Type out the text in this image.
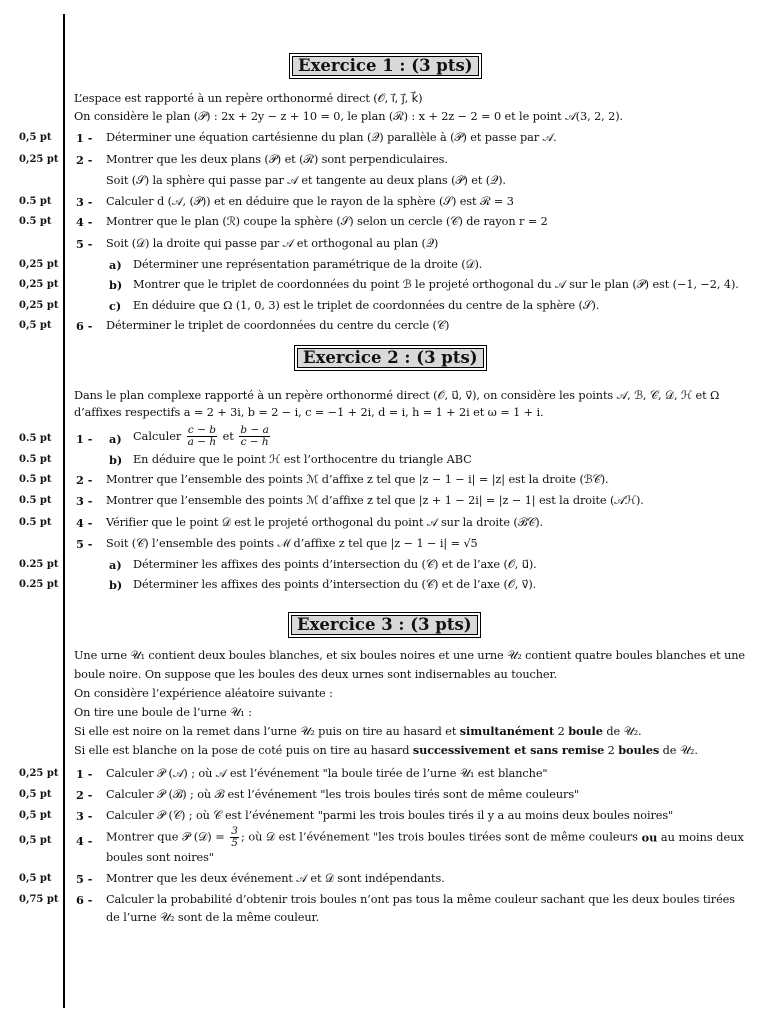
Exercice 1 : (3 pts)
L’espace est rapporté à un repère orthonormé direct (𝒪, i⃗, j⃗, k⃗)
On considère le plan (𝒫) : 2x + 2y − z + 10 = 0, le plan (ℛ) : x + 2z − 2 = 0 et le point 𝒜(3, 2, 2).
0,5 pt 1 - Déterminer une équation cartésienne du plan (𝒬) parallèle à (𝒫) et passe par 𝒜.
0,25 pt 2 - Montrer que les deux plans (𝒫) et (ℛ) sont perpendiculaires.
Soit (𝒮) la sphère qui passe par 𝒜 et tangente au deux plans (𝒫) et (𝒬).
0.5 pt 3 - Calculer d (𝒜, (𝒫)) et en déduire que le rayon de la sphère (𝒮) est ℛ = 3
0.5 pt 4 - Montrer que le plan (ℛ) coupe la sphère (𝒮) selon un cercle (𝒞) de rayon r = 2
5 - Soit (𝒟) la droite qui passe par 𝒜 et orthogonal au plan (𝒬)
0,25 pt	a) Déterminer une représentation paramétrique de la droite (𝒟).
0,25 pt	b) Montrer que le triplet de coordonnées du point ℬ le projeté orthogonal du 𝒜 sur le plan (𝒫) est (−1, −2, 4).
0,25 pt	c) En déduire que Ω (1, 0, 3) est le triplet de coordonnées du centre de la sphère (𝒮).
0,5 pt 6 - Déterminer le triplet de coordonnées du centre du cercle (𝒞)
Exercice 2 : (3 pts)
Dans le plan complexe rapporté à un repère orthonormé direct (𝒪, u⃗, v⃗), on considère les points 𝒜, ℬ, 𝒞, 𝒟, ℋ et Ω
d’affixes respectifs a = 2 + 3i, b = 2 − i, c = −1 + 2i, d = i, h = 1 + 2i et ω = 1 + i.
0.5 pt 1 - a) Calculer $\frac{c - b}{a - h}$ et $\frac{b - a}{c - h}$
0.5 pt	b) En déduire que le point ℋ est l’orthocentre du triangle ABC
0.5 pt 2 - Montrer que l’ensemble des points ℳ d’affixe z tel que |z − 1 − i| = |z| est la droite (ℬ𝒞).
0.5 pt 3 - Montrer que l’ensemble des points ℳ d’affixe z tel que |z + 1 − 2i| = |z − 1| est la droite (𝒜ℋ).
0.5 pt 4 - Vérifier que le point 𝒟 est le projeté orthogonal du point 𝒜 sur la droite (ℬ𝒞).
5 - Soit (𝒞) l’ensemble des points ℳ d’affixe z tel que |z − 1 − i| = √5
0.25 pt	a) Déterminer les affixes des points d’intersection du (𝒞) et de l’axe (𝒪, u⃗).
0.25 pt	b) Déterminer les affixes des points d’intersection du (𝒞) et de l’axe (𝒪, v⃗).
Exercice 3 : (3 pts)
Une urne 𝒰₁ contient deux boules blanches, et six boules noires et une urne 𝒰₂ contient quatre boules blanches et une
boule noire. On suppose que les boules des deux urnes sont indisernables au toucher.
On considère l’expérience aléatoire suivante :
On tire une boule de l’urne 𝒰₁ :
Si elle est noire on la remet dans l’urne 𝒰₂ puis on tire au hasard et simultanément 2 boule de 𝒰₂.
Si elle est blanche on la pose de coté puis on tire au hasard successivement et sans remise 2 boules de 𝒰₂.
0,25 pt 1 - Calculer 𝒫 (𝒜) ; où 𝒜 est l’événement "la boule tirée de l’urne 𝒰₁ est blanche"
0,5 pt 2 - Calculer 𝒫 (ℬ) ; où ℬ est l’événement "les trois boules tirés sont de même couleurs"
0,5 pt 3 - Calculer 𝒫 (𝒞) ; où 𝒞 est l’événement "parmi les trois boules tirés il y a au moins deux boules noires"
0,5 pt 4 - Montrer que 𝒫 (𝒟) = $\frac{3}{5}$ ; où 𝒟 est l’événement "les trois boules tirées sont de même couleurs ou au moins deux
boules sont noires"
0,5 pt 5 - Montrer que les deux événement 𝒜 et 𝒟 sont indépendants.
0,75 pt 6 - Calculer la probabilité d’obtenir trois boules n’ont pas tous la même couleur sachant que les deux boules tirées
de l’urne 𝒰₂ sont de la même couleur.
